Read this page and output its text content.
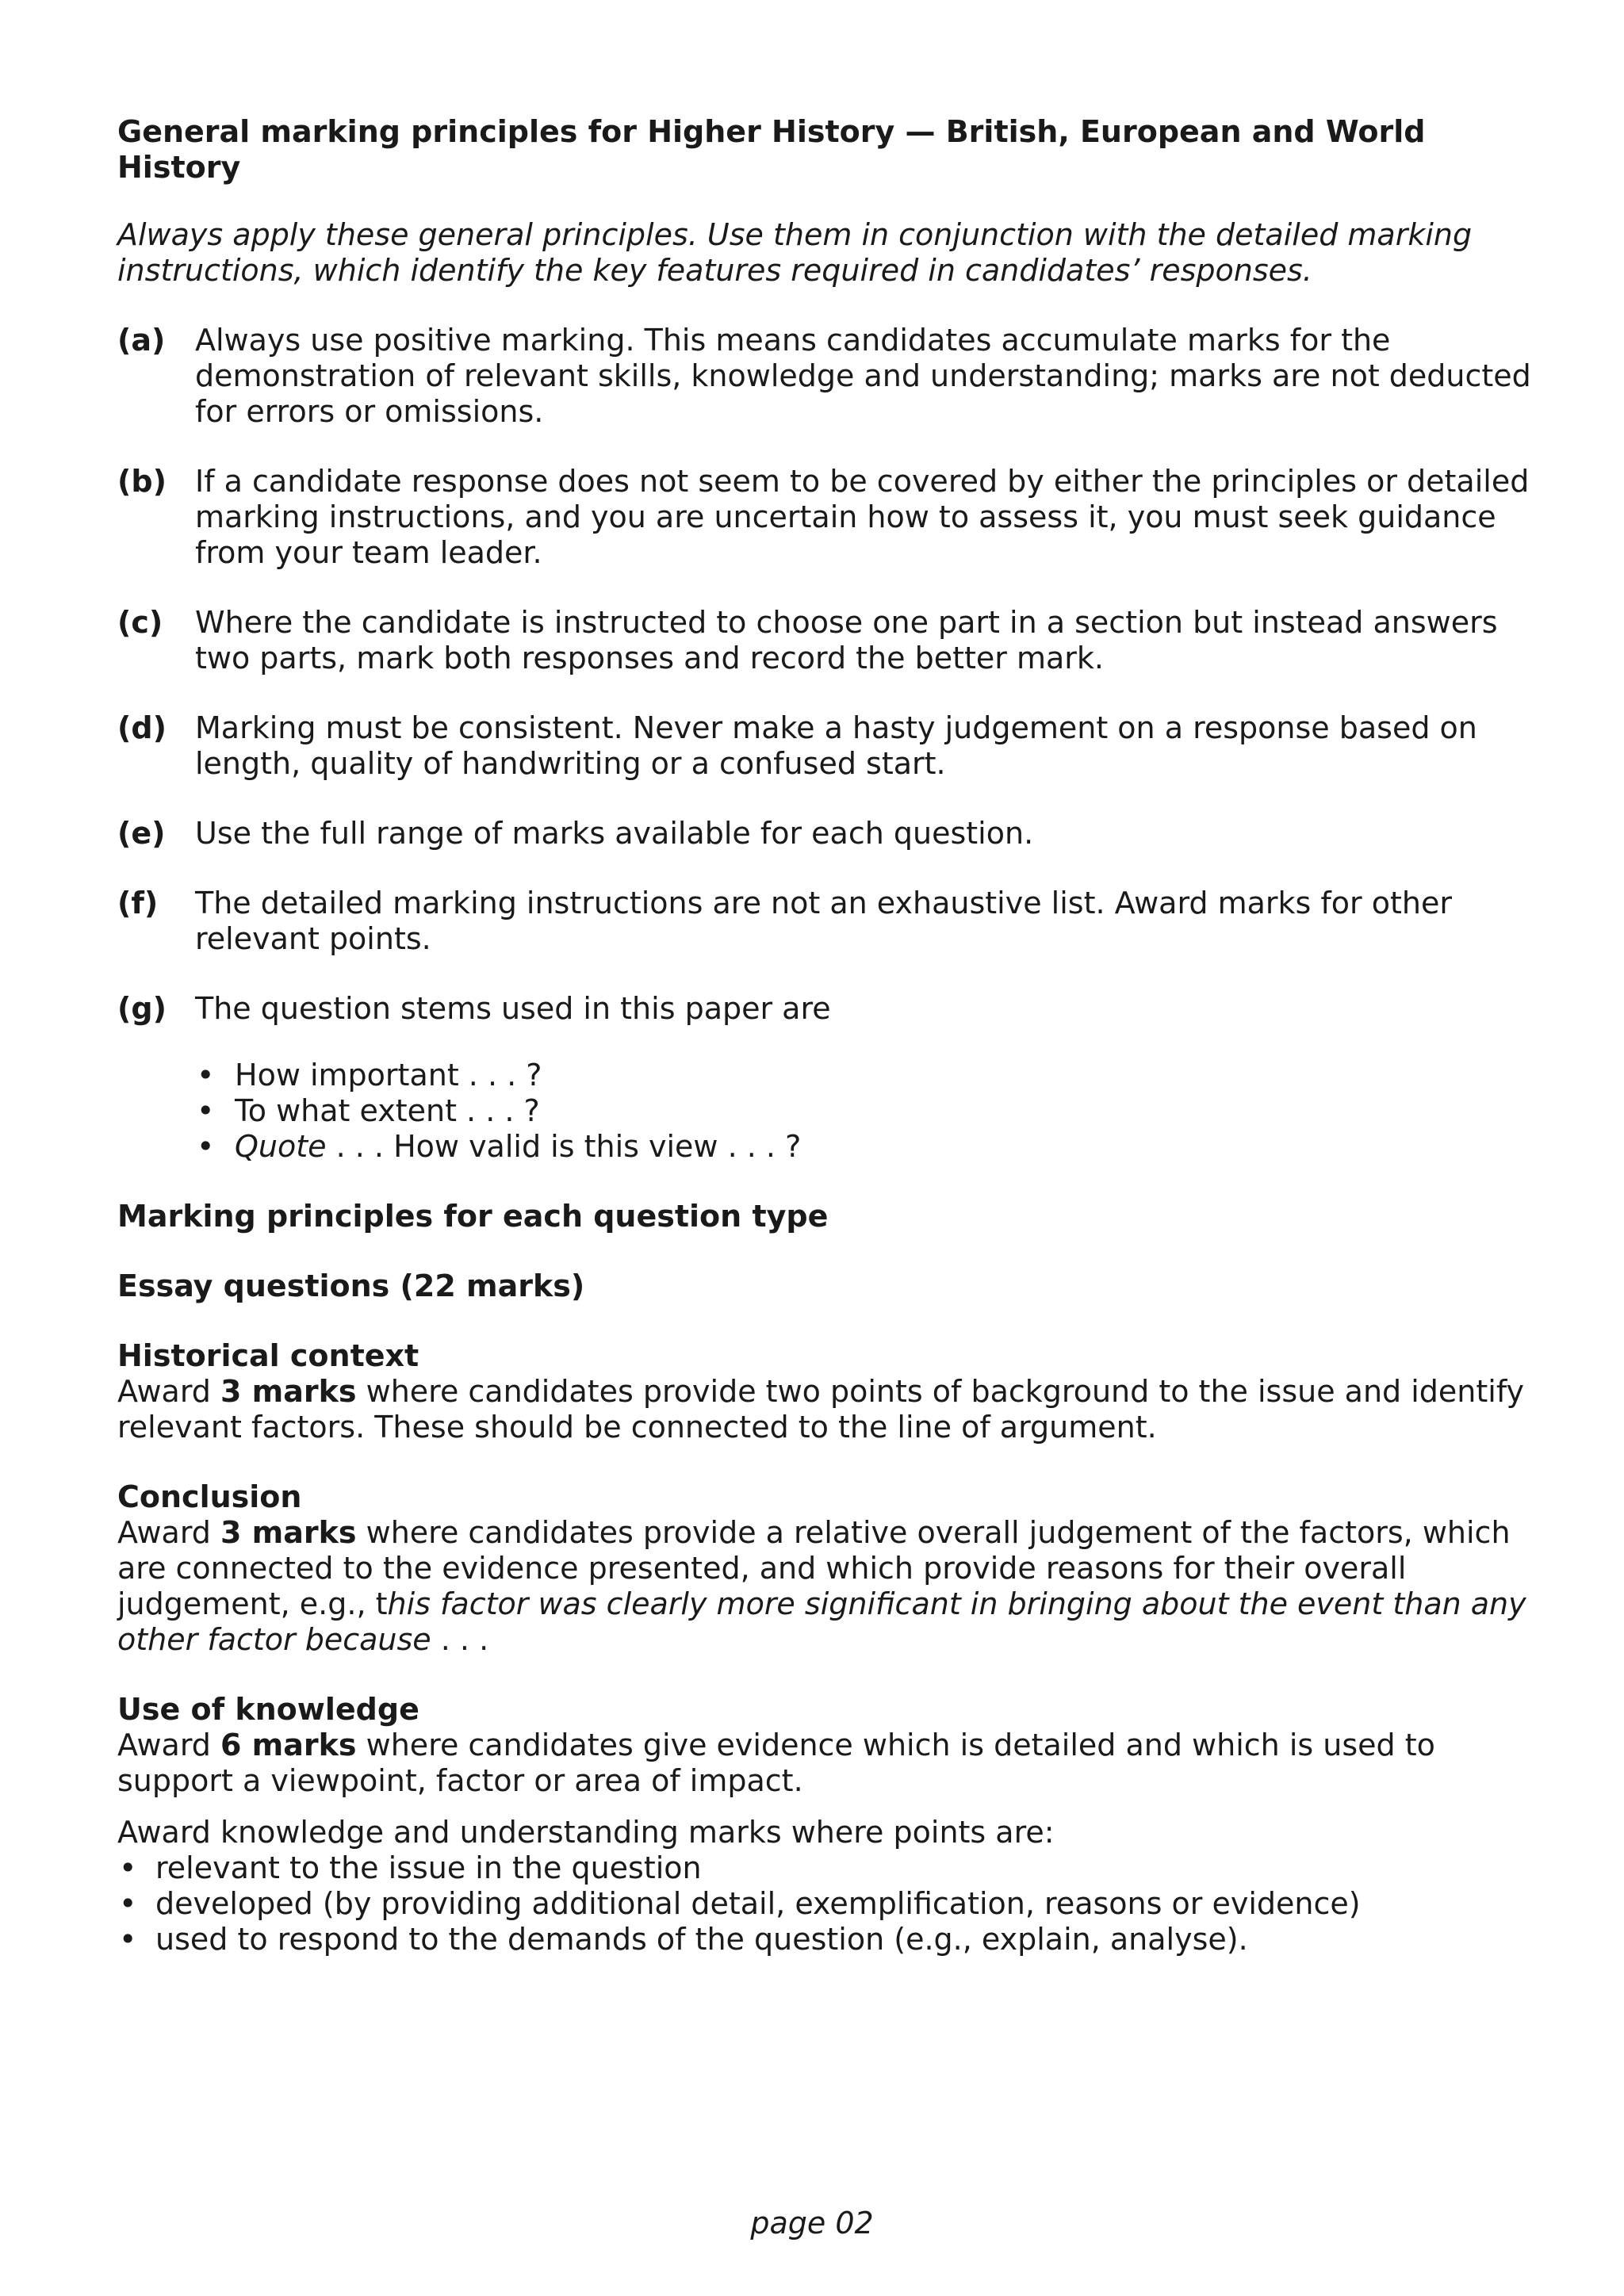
General marking principles for Higher History — British, European and World History

Always apply these general principles. Use them in conjunction with the detailed marking instructions, which identify the key features required in candidates’ responses.

(a) Always use positive marking. This means candidates accumulate marks for the demonstration of relevant skills, knowledge and understanding; marks are not deducted for errors or omissions.
(b) If a candidate response does not seem to be covered by either the principles or detailed marking instructions, and you are uncertain how to assess it, you must seek guidance from your team leader.
(c)	Where the candidate is instructed to choose one part in a section but instead answers two parts, mark both responses and record the better mark.
(d) Marking must be consistent. Never make a hasty judgement on a response based on length, quality of handwriting or a confused start.
(e) Use the full range of marks available for each question.
(f)	The detailed marking instructions are not an exhaustive list. Award marks for other relevant points.
(g) The question stems used in this paper are
• How important . . . ?
• To what extent . . . ?
• Quote . . . How valid is this view . . . ?

Marking principles for each question type

Essay questions (22 marks)

Historical context

Award 3 marks where candidates provide two points of background to the issue and identify relevant factors. These should be connected to the line of argument.

Conclusion

Award 3 marks where candidates provide a relative overall judgement of the factors, which are connected to the evidence presented, and which provide reasons for their overall judgement, e.g., this factor was clearly more significant in bringing about the event than any other factor because . . .

Use of knowledge

Award 6 marks where candidates give evidence which is detailed and which is used to support a viewpoint, factor or area of impact.

Award knowledge and understanding marks where points are:

• relevant to the issue in the question
• developed (by providing additional detail, exemplification, reasons or evidence)
• used to respond to the demands of the question (e.g., explain, analyse).
page 02
